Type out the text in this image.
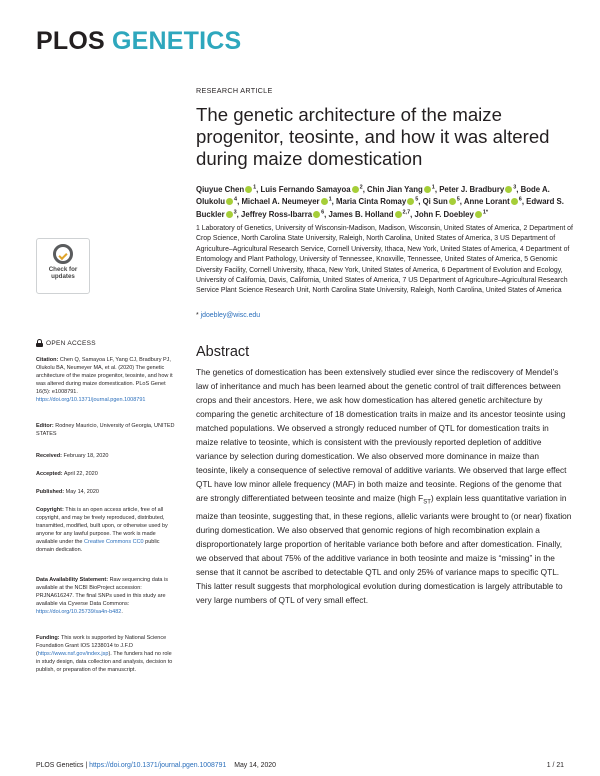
PLOS GENETICS
RESEARCH ARTICLE
The genetic architecture of the maize progenitor, teosinte, and how it was altered during maize domestication
Qiuyue Chen $^1$, Luis Fernando Samayoa $^2$, Chin Jian Yang $^1$, Peter J. Bradbury $^3$, Bode A. Olukolu $^4$, Michael A. Neumeyer $^1$, Maria Cinta Romay $^5$, Qi Sun $^5$, Anne Lorant $^6$, Edward S. Buckler $^3$, Jeffrey Ross-Ibarra $^6$, James B. Holland $^{2,7}$, John F. Doebley $^{1*}$

1 Laboratory of Genetics, University of Wisconsin-Madison, Madison, Wisconsin, United States of America, 2 Department of Crop Science, North Carolina State University, Raleigh, North Carolina, United States of America, 3 US Department of Agriculture–Agricultural Research Service, Cornell University, Ithaca, New York, United States of America, 4 Department of Entomology and Plant Pathology, University of Tennessee, Knoxville, Tennessee, United States of America, 5 Genomic Diversity Facility, Cornell University, Ithaca, New York, United States of America, 6 Department of Evolution and Ecology, University of California, Davis, California, United States of America, 7 US Department of Agriculture–Agricultural Research Service Plant Science Research Unit, North Carolina State University, Raleigh, North Carolina, United States of America

* jdoebley@wisc.edu
Abstract

The genetics of domestication has been extensively studied ever since the rediscovery of Mendel’s law of inheritance and much has been learned about the genetic control of trait differences between crops and their ancestors. Here, we ask how domestication has altered genetic architecture by comparing the genetic architecture of 18 domestication traits in maize and its ancestor teosinte using matched populations. We observed a strongly reduced number of QTL for domestication traits in maize relative to teosinte, which is consistent with the previously reported depletion of additive variance by selection during domestication. We also observed more dominance in maize than teosinte, likely a consequence of selective removal of additive variants. We observed that large effect QTL have low minor allele frequency (MAF) in both maize and teosinte. Regions of the genome that are strongly differentiated between teosinte and maize (high $F_{ST}$) explain less quantitative variation in maize than teosinte, suggesting that, in these regions, allelic variants were brought to (or near) fixation during domestication. We also observed that genomic regions of high recombination explain a disproportionately large proportion of heritable variance both before and after domestication. Finally, we observed that about 75% of the additive variance in both teosinte and maize is “missing” in the sense that it cannot be ascribed to detectable QTL and only 25% of variance maps to specific QTL. This latter result suggests that morphological evolution during domestication is largely attributable to very large numbers of QTL of very small effect.

Check for
updates
OPEN ACCESS
Citation: Chen Q, Samayoa LF, Yang CJ, Bradbury PJ, Olukolu BA, Neumeyer MA, et al. (2020) The genetic architecture of the maize progenitor, teosinte, and how it was altered during maize domestication. PLoS Genet 16(5): e1008791. https://doi.org/10.1371/journal.pgen.1008791
Editor: Rodney Mauricio, University of Georgia, UNITED STATES
Received: February 18, 2020
Accepted: April 22, 2020
Published: May 14, 2020
Copyright: This is an open access article, free of all copyright, and may be freely reproduced, distributed, transmitted, modified, built upon, or otherwise used by anyone for any lawful purpose. The work is made available under the Creative Commons CC0 public domain dedication.
Data Availability Statement: Raw sequencing data is available at the NCBI BioProject accession: PRJNA616247. The final SNPs used in this study are available via Cyverse Data Commons: https://doi.org/10.25739/sa4n-b482.
Funding: This work is supported by National Science Foundation Grant IOS 1238014 to J.F.D (https://www.nsf.gov/index.jsp). The funders had no role in study design, data collection and analysis, decision to publish, or preparation of the manuscript.
PLOS Genetics | https://doi.org/10.1371/journal.pgen.1008791 May 14, 2020	1 / 21
